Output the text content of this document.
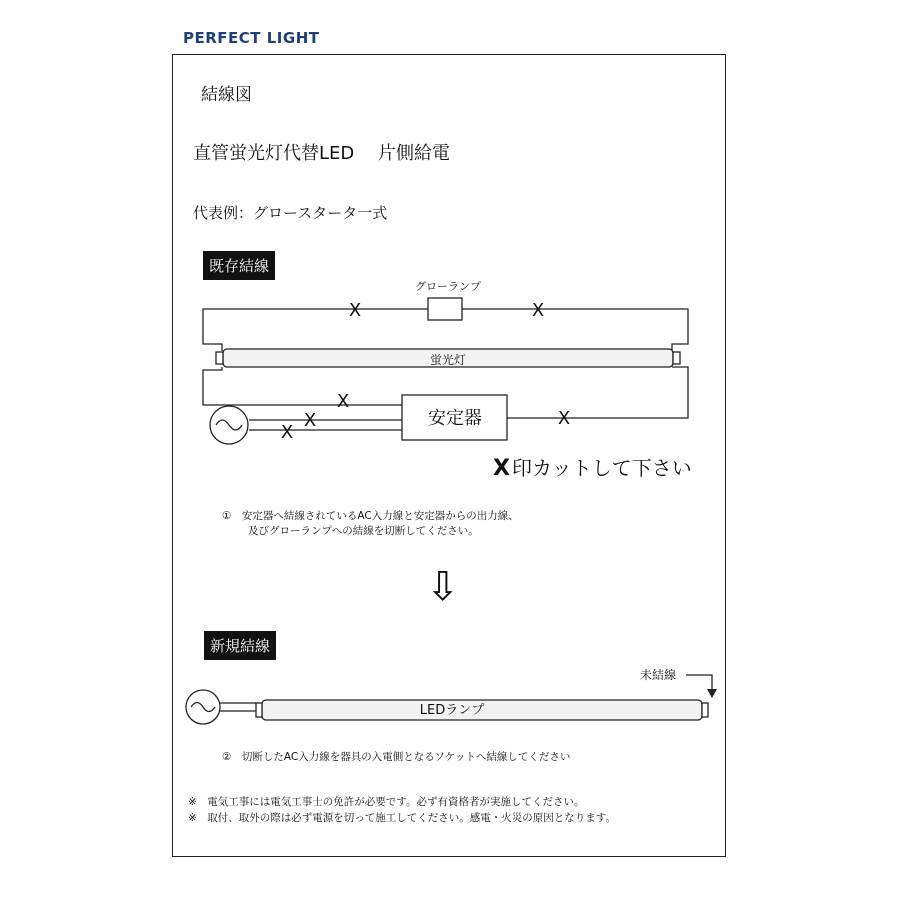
PERFECT LIGHT
結線図
直管蛍光灯代替LED　 片側給電
代表例：グロースタータ一式
既存結線
グローランプ
蛍光灯
安定器
X	X
X
X
X
X
LEDランプ
未結線
X 印カットして下さい
①　安定器へ結線されているAC入力線と安定器からの出力線、
及びグローランプへの結線を切断してください。
⇩
新規結線
②　切断したAC入力線を器具の入電側となるソケットへ結線してください
※　電気工事には電気工事士の免許が必要です。必ず有資格者が実施してください。
※　取付、取外の際は必ず電源を切って施工してください。感電・火災の原因となります。
